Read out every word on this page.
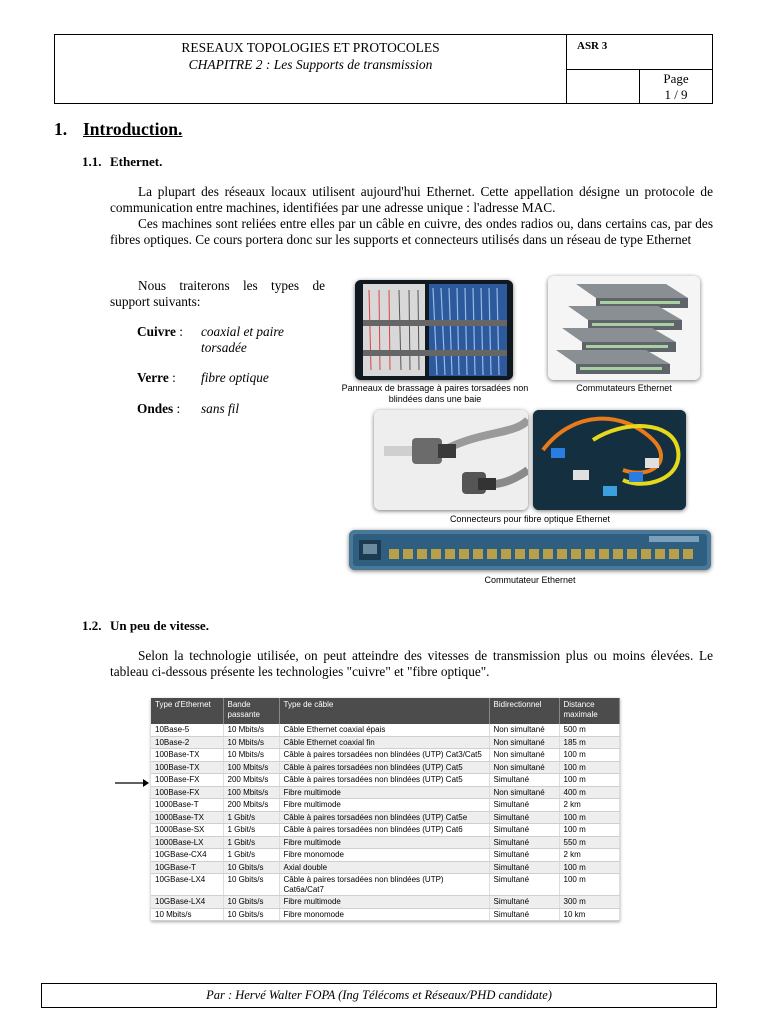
RESEAUX TOPOLOGIES ET PROTOCOLES
CHAPITRE 2 : Les Supports de transmission
ASR 3
Page
1 / 9
1. Introduction.
1.1. Ethernet.

La plupart des réseaux locaux utilisent aujourd'hui Ethernet. Cette appellation désigne un protocole de communication entre machines, identifiées par une adresse unique : l'adresse MAC.

Ces machines sont reliées entre elles par un câble en cuivre, des ondes radios ou, dans certains cas, par des fibres optiques. Ce cours portera donc sur les supports et connecteurs utilisés dans un réseau de type Ethernet

Nous traiterons les types de support suivants:
Cuivre : coaxial et paire torsadée
Verre : fibre optique
Ondes : sans fil
Panneaux de brassage à paires torsadées non blindées dans une baie
Commutateurs Ethernet
Connecteurs pour fibre optique Ethernet
Commutateur Ethernet
1.2. Un peu de vitesse.

Selon la technologie utilisée, on peut atteindre des vitesses de transmission plus ou moins élevées. Le tableau ci-dessous présente les technologies "cuivre" et "fibre optique".

Type d'Ethernet	Bande passante	Type de câble	Bidirectionnel	Distance maximale
10Base-5	10 Mbits/s	Câble Ethernet coaxial épais	Non simultané	500 m
10Base-2	10 Mbits/s	Câble Ethernet coaxial fin	Non simultané	185 m
100Base-TX	10 Mbits/s	Câble à paires torsadées non blindées (UTP) Cat3/Cat5	Non simultané	100 m
100Base-TX	100 Mbits/s	Câble à paires torsadées non blindées (UTP) Cat5	Non simultané	100 m
100Base-FX	200 Mbits/s	Câble à paires torsadées non blindées (UTP) Cat5	Simultané	100 m
100Base-FX	100 Mbits/s	Fibre multimode	Non simultané	400 m
1000Base-T	200 Mbits/s	Fibre multimode	Simultané	2 km
1000Base-TX	1 Gbit/s	Câble à paires torsadées non blindées (UTP) Cat5e	Simultané	100 m
1000Base-SX	1 Gbit/s	Câble à paires torsadées non blindées (UTP) Cat6	Simultané	100 m
1000Base-LX	1 Gbit/s	Fibre multimode	Simultané	550 m
10GBase-CX4	1 Gbit/s	Fibre monomode	Simultané	2 km
10GBase-T	10 Gbits/s	Axial double	Simultané	100 m
10GBase-LX4	10 Gbits/s	Câble à paires torsadées non blindées (UTP) Cat6a/Cat7	Simultané	100 m
10GBase-LX4	10 Gbits/s	Fibre multimode	Simultané	300 m
10 Mbits/s	10 Gbits/s	Fibre monomode	Simultané	10 km
Par : Hervé Walter FOPA (Ing Télécoms et Réseaux/PHD candidate)
